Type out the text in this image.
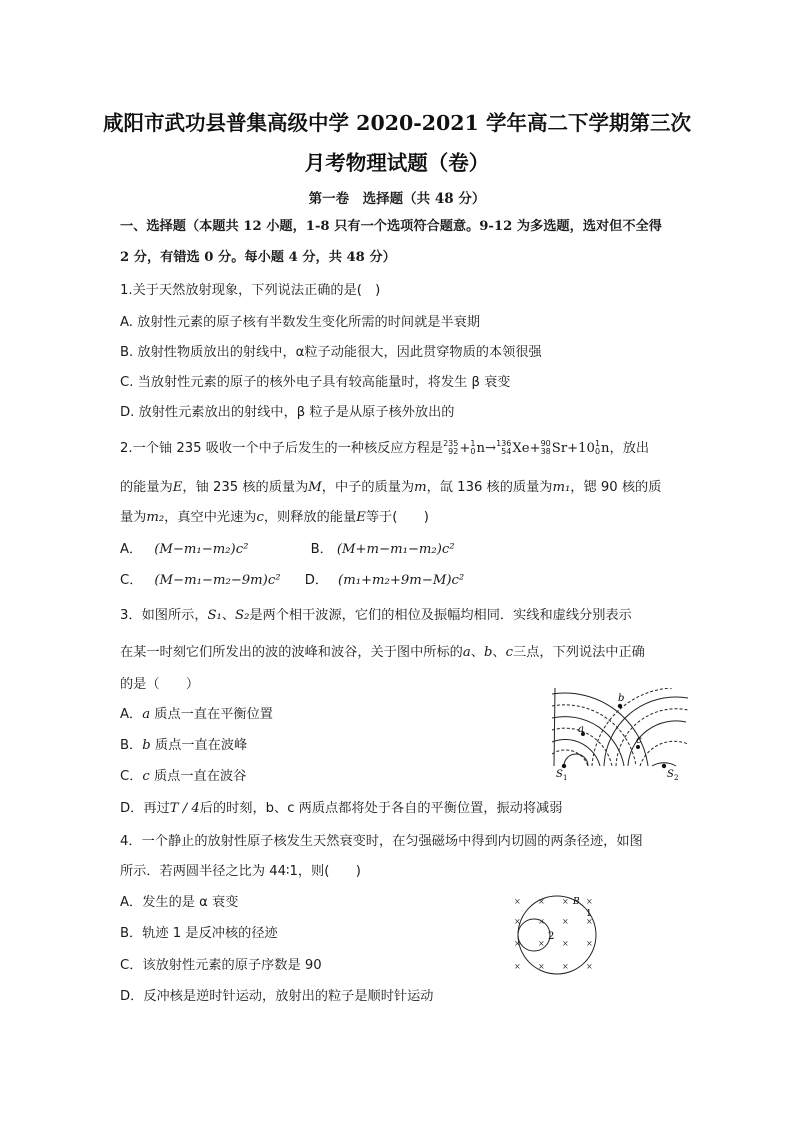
咸阳市武功县普集高级中学 2020-2021 学年高二下学期第三次
月考物理试题（卷）
第一卷　选择题（共 48 分）
一、选择题（本题共 12 小题，1-8 只有一个选项符合题意。9-12 为多选题，选对但不全得
2 分，有错选 0 分。每小题 4 分，共 48 分）
1.关于天然放射现象，下列说法正确的是(　)
A. 放射性元素的原子核有半数发生变化所需的时间就是半衰期
B. 放射性物质放出的射线中，α粒子动能很大，因此贯穿物质的本领很强
C. 当放射性元素的原子的核外电子具有较高能量时，将发生 β 衰变
D. 放射性元素放出的射线中，β 粒子是从原子核外放出的
2.一个铀 235 吸收一个中子后发生的一种核反应方程是 235
92 + 1
0 n→ 136
54 Xe+ 90
38 Sr+10 1
0 n，放出
的能量为E，铀 235 核的质量为M，中子的质量为m，氙 136 核的质量为m₁，锶 90 核的质
量为m₂，真空中光速为c，则释放的能量E等于(　　)
A． (M−m₁−m₂)c²	B． (M+m−m₁−m₂)c²
C． (M−m₁−m₂−9m)c² D． (m₁+m₂+9m−M)c²
3．如图所示，S₁、S₂是两个相干波源，它们的相位及振幅均相同．实线和虚线分别表示
在某一时刻它们所发出的波的波峰和波谷，关于图中所标的a、b、c三点，下列说法中正确
的是（　　）
A．a 质点一直在平衡位置
B．b 质点一直在波峰
C．c 质点一直在波谷
D．再过T / 4后的时刻，b、c 两质点都将处于各自的平衡位置，振动将减弱
a
b
c
S 1	S 2
4．一个静止的放射性原子核发生天然衰变时，在匀强磁场中得到内切圆的两条径迹，如图
所示．若两圆半径之比为 44∶1，则(　　)
A．发生的是 α 衰变
B．轨迹 1 是反冲核的径迹
C．该放射性元素的原子序数是 90
D．反冲核是逆时针运动，放射出的粒子是顺时针运动
B
1
2
× × × ×
× × × ×
× × × ×
× × × ×
